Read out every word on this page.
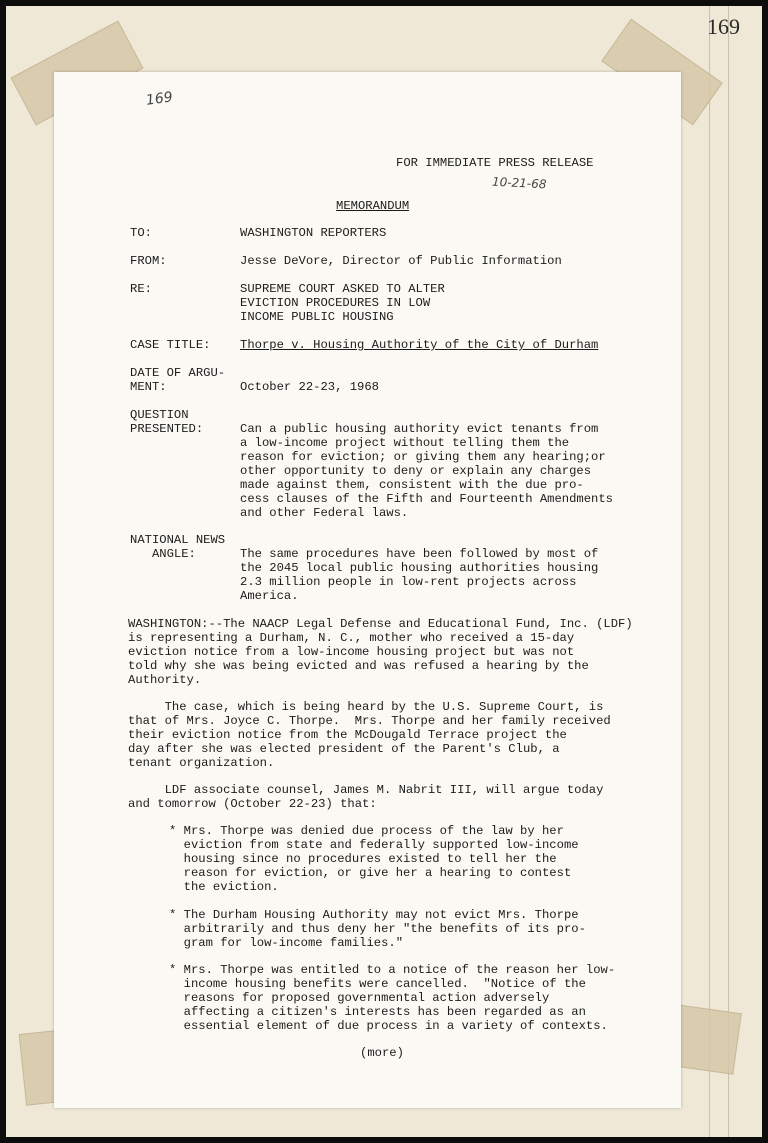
169
169
10-21-68
FOR IMMEDIATE PRESS RELEASE
MEMORANDUM
TO:	WASHINGTON REPORTERS
FROM:	Jesse DeVore, Director of Public Information
RE:	SUPREME COURT ASKED TO ALTER
EVICTION PROCEDURES IN LOW
INCOME PUBLIC HOUSING
CASE TITLE: Thorpe v. Housing Authority of the City of Durham
DATE OF ARGU-
MENT:	October 22-23, 1968
QUESTION
PRESENTED:	Can a public housing authority evict tenants from
a low-income project without telling them the
reason for eviction; or giving them any hearing;or
other opportunity to deny or explain any charges
made against them, consistent with the due pro-
cess clauses of the Fifth and Fourteenth Amendments
and other Federal laws.
NATIONAL NEWS
ANGLE:	The same procedures have been followed by most of
the 2045 local public housing authorities housing
2.3 million people in low-rent projects across
America.
WASHINGTON:--The NAACP Legal Defense and Educational Fund, Inc. (LDF)
is representing a Durham, N. C., mother who received a 15-day
eviction notice from a low-income housing project but was not
told why she was being evicted and was refused a hearing by the
Authority.
The case, which is being heard by the U.S. Supreme Court, is
that of Mrs. Joyce C. Thorpe.  Mrs. Thorpe and her family received
their eviction notice from the McDougald Terrace project the
day after she was elected president of the Parent's Club, a
tenant organization.
LDF associate counsel, James M. Nabrit III, will argue today
and tomorrow (October 22-23) that:
* Mrs. Thorpe was denied due process of the law by her
eviction from state and federally supported low-income
housing since no procedures existed to tell her the
reason for eviction, or give her a hearing to contest
the eviction.
* The Durham Housing Authority may not evict Mrs. Thorpe
arbitrarily and thus deny her "the benefits of its pro-
gram for low-income families."
* Mrs. Thorpe was entitled to a notice of the reason her low-
income housing benefits were cancelled.  "Notice of the
reasons for proposed governmental action adversely
affecting a citizen's interests has been regarded as an
essential element of due process in a variety of contexts.
(more)
